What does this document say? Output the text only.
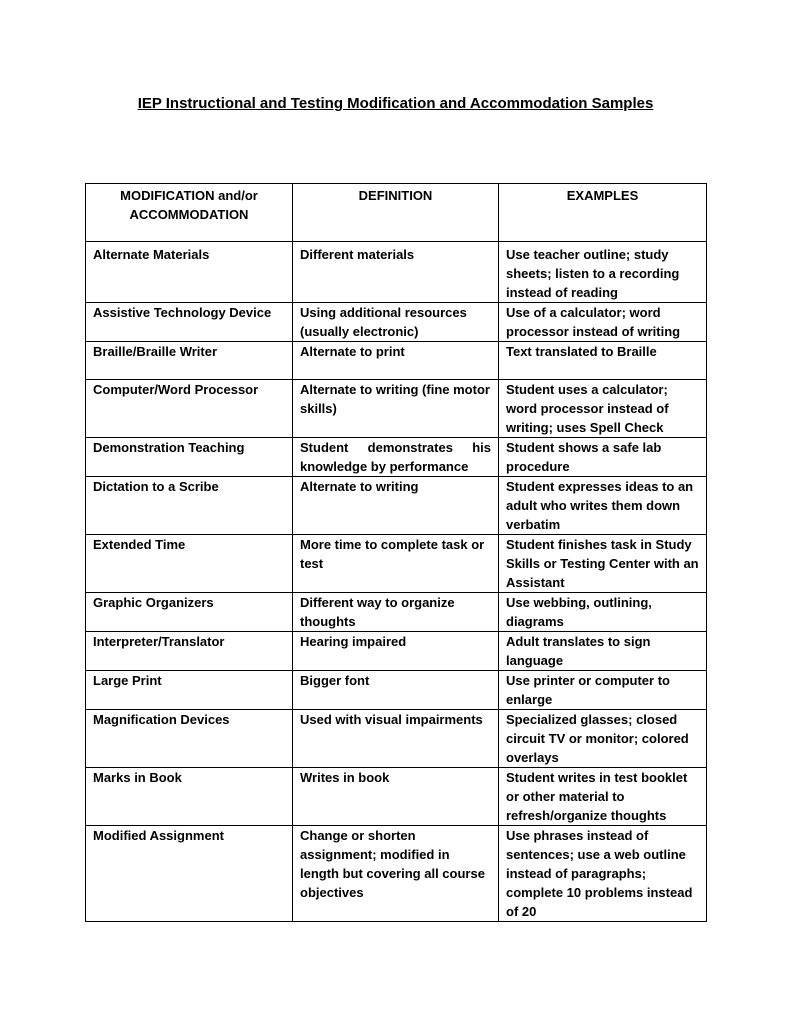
IEP Instructional and Testing Modification and Accommodation Samples
MODIFICATION and/or ACCOMMODATION	DEFINITION	EXAMPLES
Alternate Materials	Different materials	Use teacher outline; study sheets; listen to a recording instead of reading
Assistive Technology Device	Using additional resources (usually electronic)	Use of a calculator; word processor instead of writing
Braille/Braille Writer	Alternate to print	Text translated to Braille
Computer/Word Processor	Alternate to writing (fine motor skills)	Student uses a calculator; word processor instead of writing; uses Spell Check
Demonstration Teaching	Student demonstrates his knowledge by performance	Student shows a safe lab procedure
Dictation to a Scribe	Alternate to writing	Student expresses ideas to an adult who writes them down verbatim
Extended Time	More time to complete task or test	Student finishes task in Study Skills or Testing Center with an Assistant
Graphic Organizers	Different way to organize thoughts	Use webbing, outlining, diagrams
Interpreter/Translator	Hearing impaired	Adult translates to sign language
Large Print	Bigger font	Use printer or computer to enlarge
Magnification Devices	Used with visual impairments	Specialized glasses; closed circuit TV or monitor; colored overlays
Marks in Book	Writes in book	Student writes in test booklet or other material to refresh/organize thoughts
Modified Assignment	Change or shorten assignment; modified in length but covering all course objectives	Use phrases instead of sentences; use a web outline instead of paragraphs; complete 10 problems instead of 20
